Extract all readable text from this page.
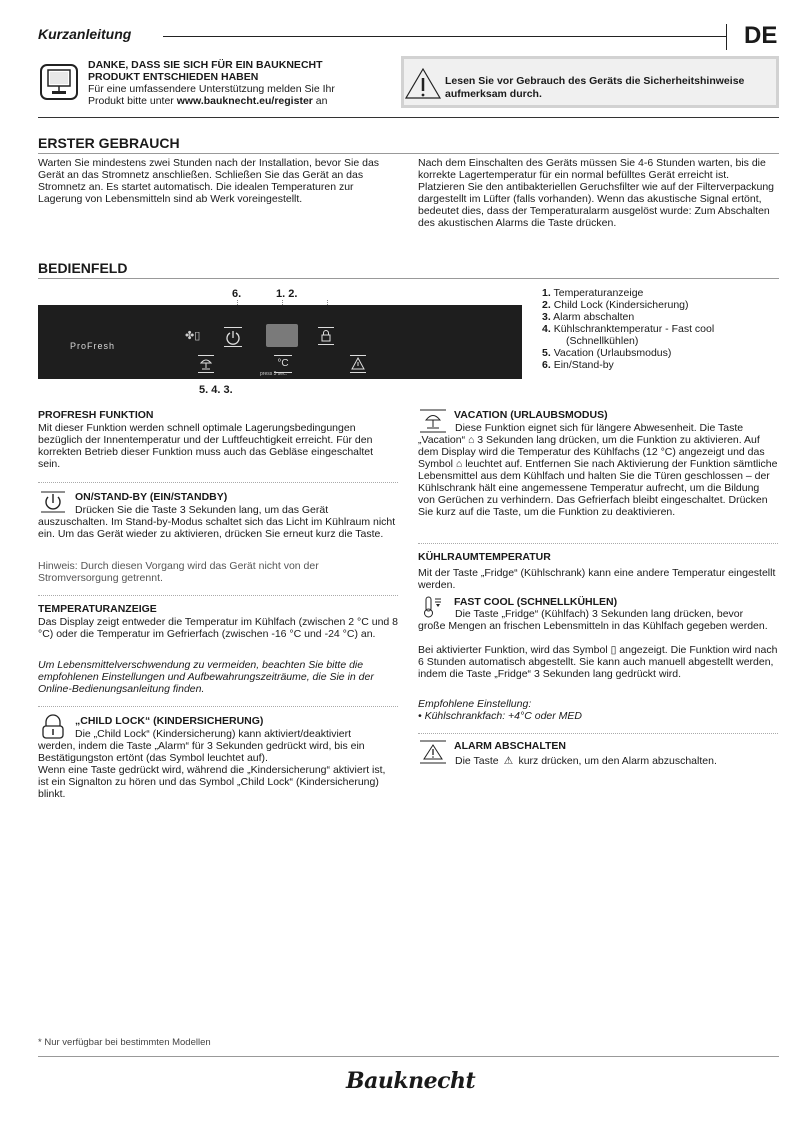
Kurzanleitung	DE
DANKE, DASS SIE SICH FÜR EIN BAUKNECHT
PRODUKT ENTSCHIEDEN HABEN
Für eine umfassendere Unterstützung melden Sie Ihr
Produkt bitte unter www.bauknecht.eu/register an
Lesen Sie vor Gebrauch des Geräts die Sicherheitshinweise
aufmerksam durch.
ERSTER GEBRAUCH
Warten Sie mindestens zwei Stunden nach der Installation, bevor Sie das Gerät an das Stromnetz anschließen. Schließen Sie das Gerät an das Stromnetz an. Es startet automatisch. Die idealen Temperaturen zur Lagerung von Lebensmitteln sind ab Werk voreingestellt.
Nach dem Einschalten des Geräts müssen Sie 4-6 Stunden warten, bis die korrekte Lagertemperatur für ein normal befülltes Gerät erreicht ist. Platzieren Sie den antibakteriellen Geruchsfilter wie auf der Filterverpackung dargestellt im Lüfter (falls vorhanden). Wenn das akustische Signal ertönt, bedeutet dies, dass der Temperaturalarm ausgelöst wurde: Zum Abschalten des akustischen Alarms die Taste drücken.
BEDIENFELD
6.	1. 2.
ProFresh
✤▯
°C
press 3 sec.
5. 4. 3.
1. Temperaturanzeige
2. Child Lock (Kindersicherung)
3. Alarm abschalten
4. Kühlschranktemperatur - Fast cool
(Schnellkühlen)
5. Vacation (Urlaubsmodus)
6. Ein/Stand-by
PROFRESH FUNKTION
Mit dieser Funktion werden schnell optimale Lagerungsbedingungen bezüglich der Innentemperatur und der Luftfeuchtigkeit erreicht. Für den korrekten Betrieb dieser Funktion muss auch das Gebläse eingeschaltet sein.
ON/STAND-BY (EIN/STANDBY)
Drücken Sie die Taste 3 Sekunden lang, um das Gerät
auszuschalten. Im Stand-by-Modus schaltet sich das Licht im Kühlraum nicht ein. Um das Gerät wieder zu aktivieren, drücken Sie erneut kurz die Taste.
Hinweis: Durch diesen Vorgang wird das Gerät nicht von der Stromversorgung getrennt.
TEMPERATURANZEIGE
Das Display zeigt entweder die Temperatur im Kühlfach (zwischen 2 °C und 8 °C) oder die Temperatur im Gefrierfach (zwischen -16 °C und -24 °C) an.
Um Lebensmittelverschwendung zu vermeiden, beachten Sie bitte die empfohlenen Einstellungen und Aufbewahrungszeiträume, die Sie in der Online-Bedienungsanleitung finden.
„CHILD LOCK“ (KINDERSICHERUNG)
Die „Child Lock“ (Kindersicherung) kann aktiviert/deaktiviert
werden, indem die Taste „Alarm“ für 3 Sekunden gedrückt wird, bis ein Bestätigungston ertönt (das Symbol leuchtet auf).
Wenn eine Taste gedrückt wird, während die „Kindersicherung“ aktiviert ist, ist ein Signalton zu hören und das Symbol „Child Lock“ (Kindersicherung) blinkt.
VACATION (URLAUBSMODUS)
Diese Funktion eignet sich für längere Abwesenheit. Die Taste
„Vacation“ ⌂ 3 Sekunden lang drücken, um die Funktion zu aktivieren. Auf dem Display wird die Temperatur des Kühlfachs (12 °C) angezeigt und das Symbol ⌂ leuchtet auf. Entfernen Sie nach Aktivierung der Funktion sämtliche Lebensmittel aus dem Kühlfach und halten Sie die Türen geschlossen – der Kühlschrank hält eine angemessene Temperatur aufrecht, um die Bildung von Gerüchen zu verhindern. Das Gefrierfach bleibt eingeschaltet. Drücken Sie kurz auf die Taste, um die Funktion zu deaktivieren.
KÜHLRAUMTEMPERATUR
Mit der Taste „Fridge“ (Kühlschrank) kann eine andere Temperatur eingestellt werden.
FAST COOL (SCHNELLKÜHLEN)
Die Taste „Fridge“ (Kühlfach) 3 Sekunden lang drücken, bevor
große Mengen an frischen Lebensmitteln in das Kühlfach gegeben werden.
Bei aktivierter Funktion, wird das Symbol ▯ angezeigt. Die Funktion wird nach 6 Stunden automatisch abgestellt. Sie kann auch manuell abgestellt werden, indem die Taste „Fridge“ 3 Sekunden lang gedrückt wird.
Empfohlene Einstellung:
• Kühlschrankfach: +4°C oder MED
ALARM ABSCHALTEN
Die Taste ⚠ kurz drücken, um den Alarm abzuschalten.
* Nur verfügbar bei bestimmten Modellen
Bauknecht
